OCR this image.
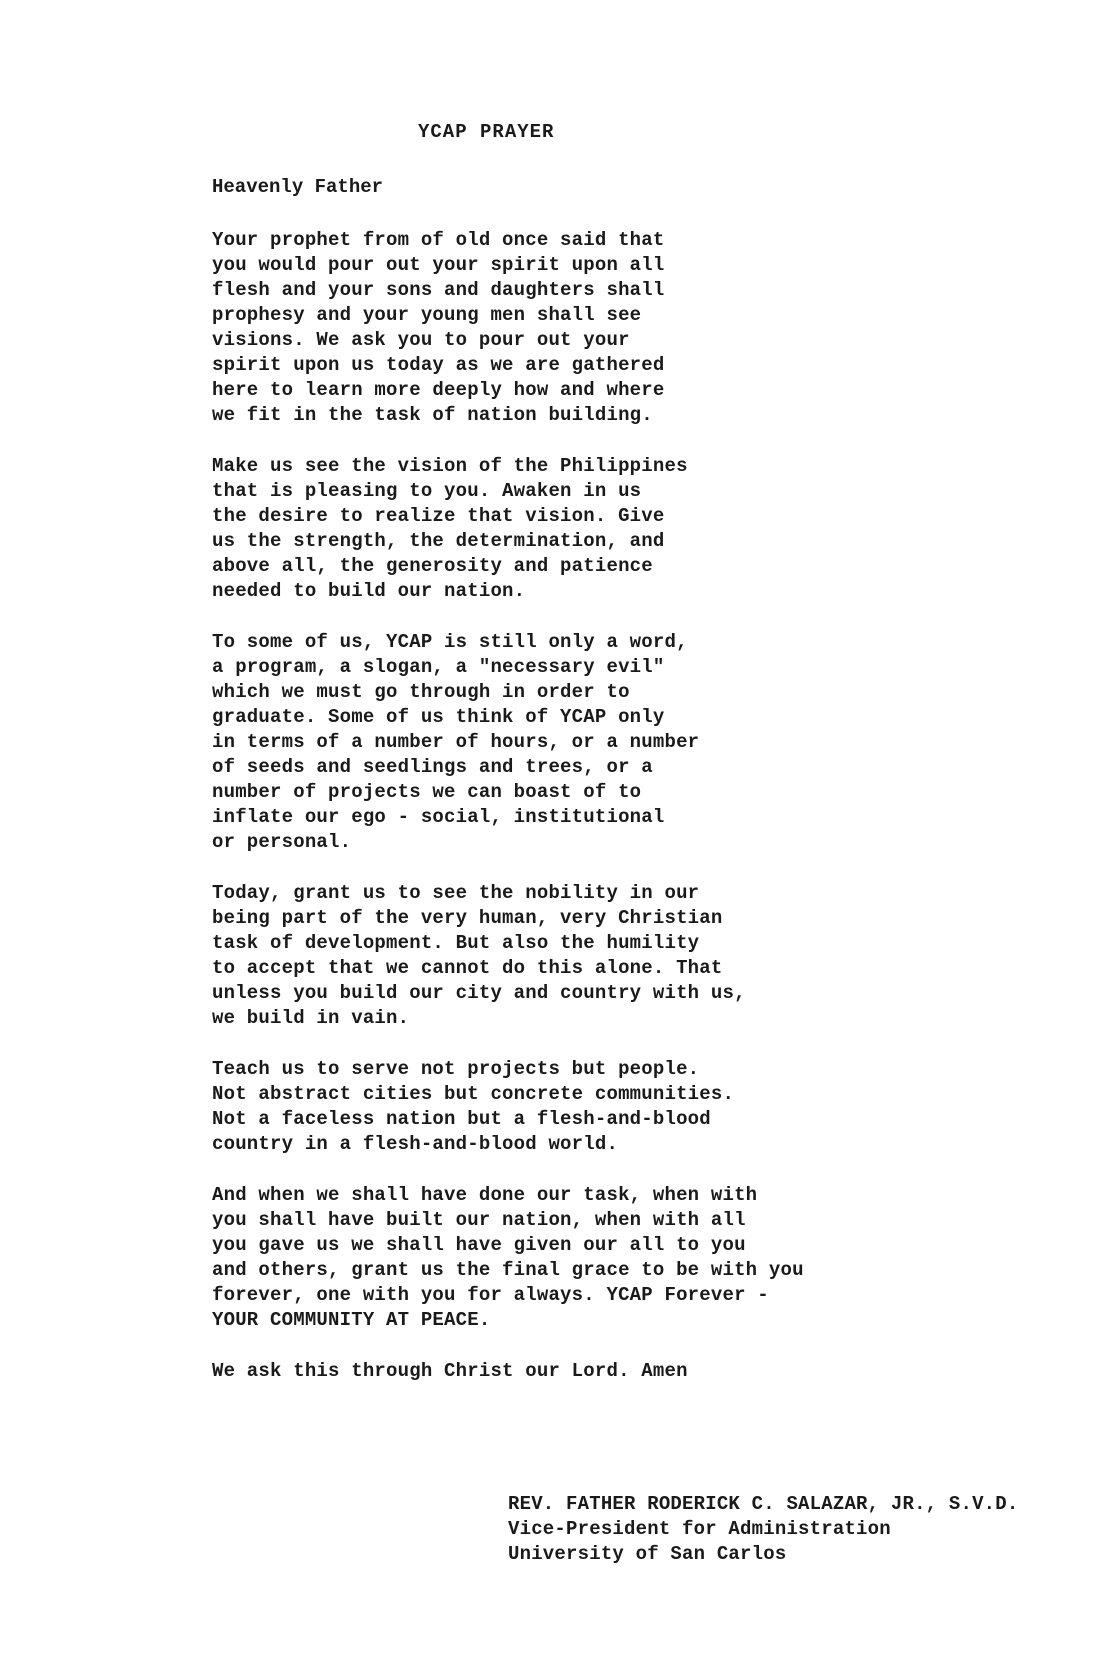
YCAP PRAYER
Heavenly Father
Your prophet from of old once said that
you would pour out your spirit upon all
flesh and your sons and daughters shall
prophesy and your young men shall see
visions. We ask you to pour out your
spirit upon us today as we are gathered
here to learn more deeply how and where
we fit in the task of nation building.
Make us see the vision of the Philippines
that is pleasing to you. Awaken in us
the desire to realize that vision. Give
us the strength, the determination, and
above all, the generosity and patience
needed to build our nation.
To some of us, YCAP is still only a word,
a program, a slogan, a "necessary evil"
which we must go through in order to
graduate. Some of us think of YCAP only
in terms of a number of hours, or a number
of seeds and seedlings and trees, or a
number of projects we can boast of to
inflate our ego - social, institutional
or personal.
Today, grant us to see the nobility in our
being part of the very human, very Christian
task of development. But also the humility
to accept that we cannot do this alone. That
unless you build our city and country with us,
we build in vain.
Teach us to serve not projects but people.
Not abstract cities but concrete communities.
Not a faceless nation but a flesh-and-blood
country in a flesh-and-blood world.
And when we shall have done our task, when with
you shall have built our nation, when with all
you gave us we shall have given our all to you
and others, grant us the final grace to be with you
forever, one with you for always. YCAP Forever -
YOUR COMMUNITY AT PEACE.
We ask this through Christ our Lord. Amen
REV. FATHER RODERICK C. SALAZAR, JR., S.V.D.
Vice-President for Administration
University of San Carlos
